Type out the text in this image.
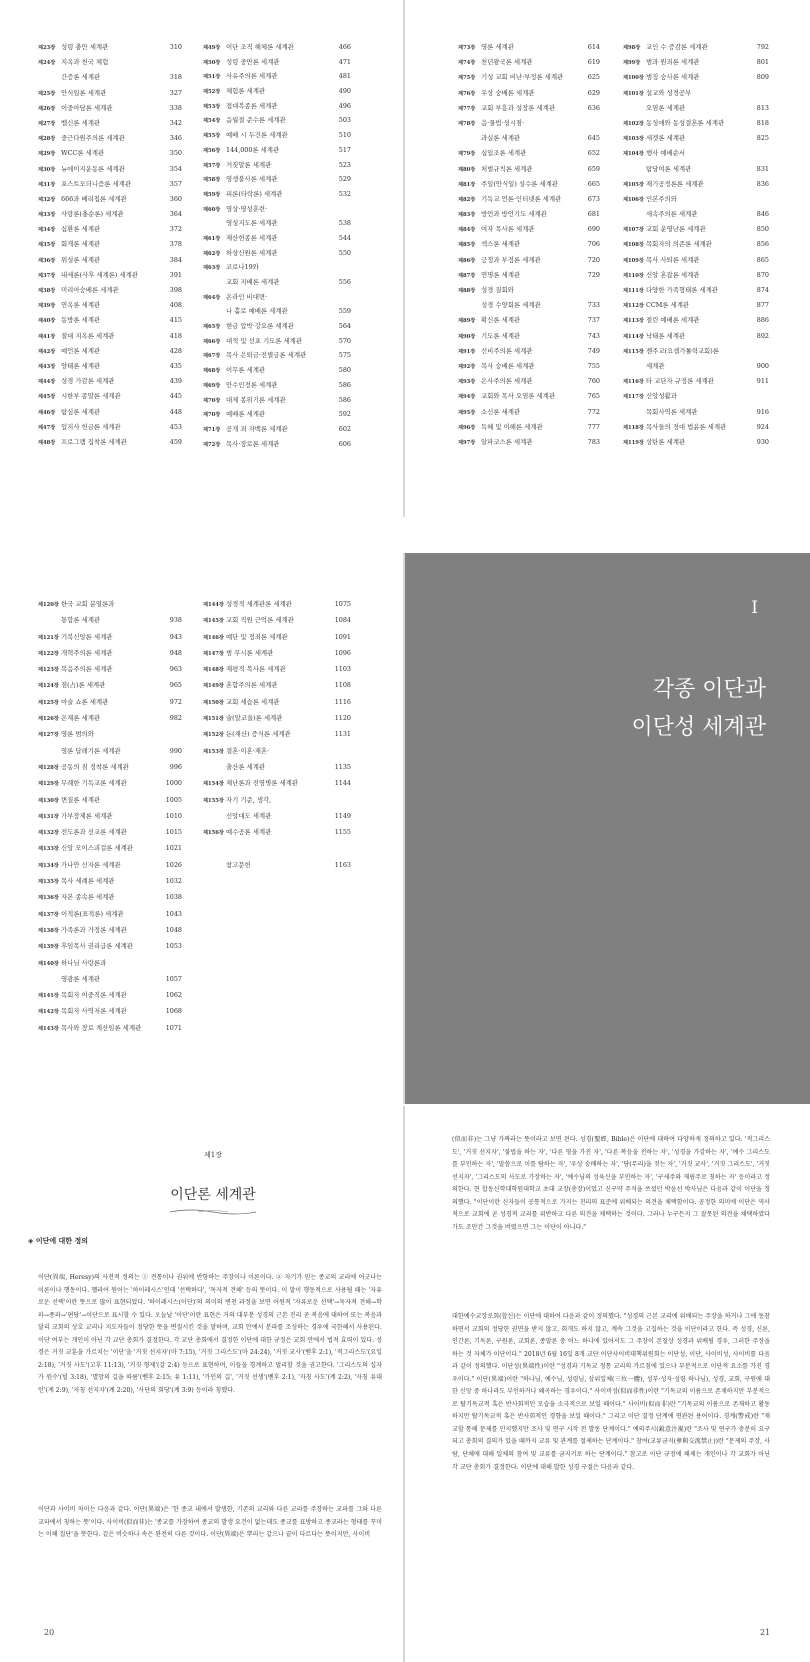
제23장 성령 충만 세계관	310
제24장 지옥과 천국 체험
간증론 세계관	318
제25장 안식일론 세계관	327
제26장 이중아담론 세계관	338
제27장 뱀신론 세계관	342
제28장 중근다원주의론 세계관	346
제29장 WCC론 세계관	350
제30장 뉴에이지운동론 세계관	354
제31장 포스트모더니즘론 세계관	357
제32장 666과 베리칩론 세계관	360
제33장 사랑론(충순론) 세계관	364
제34장 십환론 세계관	372
제35장 회개론 세계관	378
제36장 위성론 세계관	384
제37장 내세론(사후 세계론) 세계관	391
제38장 미리아숭배론 세계관	398
제39장 연옥론 세계관	408
제40장 동방론 세계관	415
제41장 절대 지옥론 세계관	418
제42장 예언론 세계관	428
제43장 양태론 세계관	435
제44장 성경 가감론 세계관	439
제45장 시한부 종말론 세계관	445
제46장 탐심론 세계관	448
제47장 입지사 헌금론 세계관	453
제48장 프로그램 집착론 세계관	459
제49장 이단 조직 해체론 세계관	466
제50장 성령 중만론 세계관	471
제51장 사유주의론 세계관	481
제52장 체험론 세계관	490
제53장 접대복종론 세계관	496
제54장 음월절 준수론 세계관	503
제55장 예배 시 두건론 세계관	510
제56장 144,000론 세계관	517
제57장 거짓말론 세계관	523
제58장 영생불사론 세계관	529
제59장 피론(타락론) 세계관	532
제60장 영상·영성훈련·
영성지도론 세계관	538
제61장 재산헌종론 세계관	544
제62장 하상신원론 세계관	550
제63장 코로나19와
교회 지배론 세계관	556
제64장 온라인 비대면·
나 홀로 예배론 세계관	559
제65장 현금 압박·강요론 세계관	564
제66장 대적 및 선포 기도론 세계관	570
제67장 목사 은퇴금·전별금론 세계관	575
제68장 이무론 세계관	580
제69장 안수인정론 세계관	586
제70장 대제 봉위기론 세계관	586
제70장 예배론 세계관	592
제71장 공개 죄 자백론 세계관	602
제72장 목사·장로론 세계관	606
제73장 영론 세계관	614
제74장 천년왕국론 세계관	619
제75장 기성 교회 비난·부정론 세계관	625
제76장 우상 숭배론 세계관	629
제77장 교회 부흥과 성장론 세계관	636
제78장 음·물법·성시점·
과실론 세계관	645
제79장 십일조론 세계관	652
제80장 처벌규칙론 세계관	659
제81장 주일(안식일) 성수론 세계관	665
제82장 기독교 언론·인터넷론 세계관	673
제83장 방언과 방언기도 세계관	681
제84장 여자 목사론 세계관	690
제85장 섹스론 세계관	706
제86장 긍정과 부정론 세계관	720
제87장 연명론 세계관	729
제88장 성경 질회와
성경 수양회론 세계관	733
제89장 확신론 세계관	737
제90장 기도론 세계관	743
제91장 신비주의론 세계관	749
제92장 목사 숭배론 세계관	755
제93장 은사주의론 세계관	760
제94장 교회와 목사 오염론 세계관	765
제95장 소신론 세계관	772
제96장 독혜 및 이해론 세계관	777
제97장 알파코스론 세계관	783
제98장 교인 수 증감론 세계관	792
제99장 범과 원죄론 세계관	801
제100장 범징 숭사론 세계관	809
제101장 설교와 성경공부
오염론 세계관	813
제102장 동성애와 동성결혼론 세계관	818
제103장 세겟론 세계관	825
제104장 행사 예배순서
탐당여론 세계관	831
제105장 재기공정론론 세계관	836
제106장 인본주의와
세속주의론 세계관	846
제107장 교회 운영난론 세계관	850
제108장 목회자의 의존론 세계관	856
제109장 목사 사퇴론 세계관	865
제110장 신앙 혼잡론 세계관	870
제111장 다양한 가족형태론 세계관	874
제112장 CCM론 세계관	877
제113장 절린 예배론 세계관	886
제114장 낙태론 세계관	892
제115장 젠주교(요셉가톨릭교회)론
세계관	900
제116장 타 교단자 규정론 세계관	911
제117장 신앙성활과
목회사역론 세계관	916
제118장 목사들의 정대 법윤론 세계관	924
제119장 상탄론 세계관	930
제120장 한국 교회 분열론과
통합론 세계관	938
제121장 기복신앙론 세계관	943
제122장 개혁주의론 세계관	948
제123장 복음주의론 세계관	963
제124장 점(占)론 세계관	965
제125장 마술 쇼론 세계관	972
제126장 온재론 세계관	982
제127장 영론 범의와
영론 답레기론 세계관	990
제128장 공동의 짐 정착론 세계관	996
제129장 무례한 기독교론 세계관	1000
제130장 변질론 세계관	1005
제131장 가부장제론 세계관	1010
제132장 전도론과 선교론 세계관	1015
제133장 신앙 모이스괴걸론 세계관	1021
제134장 가나안 신자론 세계관	1026
제135장 목사 세례론 세계관	1032
제136장 자본 종속론 세계관	1038
제137장 이적론(표적론) 세계관	1043
제138장 가족론과 가정론 세계관	1048
제139장 후임목사 권리급론 세계관	1053
제140장 하나님 사랑론과
영광론 세계관	1057
제141장 목회자 이중직론 세계관	1062
제142장 목회자 사역저론 세계관	1068
제143장 목사와 장로 계산임론 세계관	1071
제144장 성경적 세계관론 세계관	1075
제145장 교회 직원 근억론 세계관	1084
제146장 예단 및 정죄론 세계관	1091
제147장 범 무시론 세계관	1096
제148장 재평적 목사론 세계관	1103
제149장 혼합주의론 세계관	1108
제150장 교회 세습론 세계관	1116
제151장 술(알코올)론 세계관	1120
제152장 돈(재산) 증식론 세계관	1131
제153장 결혼·이혼·재혼·
출산론 세계관	1135
제154장 재난론과 전염병론 세계관	1144
제155장 자기 기준, 생각,
신앙대도 세계관	1149
제156장 예수공론 세계관	1155
참고문헌	1163
I
각종 이단과
이단성 세계관
제1장
이단론 세계관
◈ 이단에 대한 정의

이단(異端, Heresy)의 사전적 정의는 ① 전통이나 권위에 반항하는 주장이나 이론이다. ② 자기가 믿는 종교의 교리에 어긋나는 이론이나 행동이다. 헬라어 원어는 '하이레시스'인데 '선택하다', '독자적 견해' 등의 뜻이다. 이 말이 행동적으로 사용될 때는 '자유로운 선택'이란 뜻으로 많이 표현되었다. '하이레시스(이단)'의 의미의 변천 과정을 보면 어원적 '자유로운 선택'→독자적 견해→학파→종파→'편당'→이단으로 표시할 수 있다. 오늘날 '이단'이란 표현은 거의 대부분 성경의 근본 진리 곧 복음에 대하여 또는 복음과 달리 교회의 상호 교리나 지도자들이 정당한 뜻을 변질시킨 것을 말하며, 교회 안에서 분파를 조성하는 경우에 국한해서 사용된다. 이단 여부는 개인이 아닌 각 교단 총회가 결정한다. 각 교단 총회에서 결정한 이단에 대한 규정은 교회 안에서 법적 효력이 있다. 성경은 거짓 교훈을 가르치는 '이단'을 '거짓 선지자'(마 7:15), '거짓 그리스도'(마 24:24), '거짓 교사'(벧후 2:1), '적그리스도'(요일 2:18), '거짓 사도'(고후 11:13), '거짓 형제'(갈 2:4) 등으로 표현하며, 이들을 경계하고 멀리할 것을 권고한다. '그리스도의 십자가 원수'(빌 3:18), '멸망의 길을 따름'(벧후 2:15; 유 1:11), '가인의 길', '거짓 선생'(벧후 2:1), '자칭 사도'(계 2:2), '자칭 유대인'(계 2:9), '자칭 선지자'(계 2:20), '사단의 회당'(계 3:9) 등이라 칭했다.

이단과 사이비 차이는 다음과 같다. 이단(異端)은 '한 종교 내에서 발생한, 기존의 교리와 다른 교리를 주장하는 교파를 그와 다른 교파에서 칭하는 뜻'이다. 사이비(似而非)는 '종교를 가장하여 종교의 발생 요건이 없는데도 종교를 표방하고 종교라는 형태를 꾸미는 이해 집단'을 뜻한다. 겉은 비슷하나 속은 완전히 다른 것이다. 이단(異端)은 뿌리는 같으나 끝이 다르다는 뜻이지만, 사이비

(似而非)는 그냥 가짜라는 뜻이라고 보면 된다. 성경(聖經, Bible)은 이단에 대하여 다양하게 정의하고 있다. '적그리스도', '거짓 선지자', '불법을 하는 자', '다른 영을 가진 자', '다른 복음을 전하는 자', '성경을 가감하는 자', '예수 그리스도를 부인하는 자', '말씀으로 이를 탐하는 자', '우상 숭배하는 자', '당(무리)을 짓는 자', '거짓 교사', '거짓 그리스도', '거짓 선지자', '그리스도의 사도로 가장하는 자', '예수님의 성육신을 부인하는 자', '구세주와 재림주로 칭하는 자' 등이라고 정의한다. 현 합동신학대학원대학교 초대 교장(총장)이었고 신구약 주석을 쓰셨던 박윤선 박사님은 다음과 같이 이단을 정의했다. "이단이란 신자들이 공통적으로 가지는 진리의 표준에 위배되는 의견을 채택함이다. 공정한 의미에 이단은 역사적으로 교회에 곧 성경적 교리를 위반하고 다른 의견을 채택하는 것이다. 그러나 누구든지 그 잘못된 의견을 채택하였다가도 조만간 그것을 버렸으면 그는 이단이 아니다."

대한예수교장로회(합신)는 이단에 대하여 다음과 같이 정의했다. "성경의 근본 교리에 위배되는 주장을 하거나 그에 동참하면서 교회의 정당한 권면을 받지 않고, 회개도 하지 않고, 계속 그것을 고집하는 것을 이단이라고 한다. 즉 성경, 신론, 인간론, 기독론, 구원론, 교회론, 종말론 중 어느 하나에 있어서도 그 주장이 본질상 성경과 위배될 경우, 그러한 주장을 하는 것 자체가 이단이다." 2018년 6월 16일 8개 교단 이단사이비대책위원회는 이단성, 이단, 사이비성, 사이비를 다음과 같이 정의했다. 이단성(異端性)이란 "성경과 기독교 정통 교리의 가르침에 있으나 부분적으로 이단적 요소를 가진 경우이다." 이단(異端)이란 "하나님, 예수님, 성령님, 삼위일체(三位一體), 성부·성자·성령 하나님), 성경, 교회, 구원에 대한 신앙 중 하나라도 부인하거나 왜곡하는 경우이다." 사이비성(似而非性)이란 "기독교의 이름으로 존재하지만 부분적으로 탈기독교적 혹은 반사회적인 모습을 소극적으로 보일 때이다." 사이비(似而非)란 "기독교의 이름으로 존재하고 활동하지만 탈기독교적 혹은 반사회적인 경향을 보일 때이다." 그리고 이단 결정 단계에 연관된 용어이다. 경계(警戒)란 "재교할 통해 문제를 인지했지만 조사 및 연구 시작 전 발동 단계이다." 예의주시(銳意注視)란 "조사 및 연구가 충분히 요구되고 총회의 결의가 있을 때까지 교류 및 관계를 절제하는 단계이다." 참여(교류금지(參與交流禁止))란 "문제의 주장, 사람, 단체에 대해 일체의 참여 및 교류를 금지키로 하는 단계이다." 참고로 이단 규정에 해제는 개인이나 각 교회가 아닌 각 교단 총회가 결정한다. 이단에 대해 발한 성경 구절은 다음과 같다.

20	21
